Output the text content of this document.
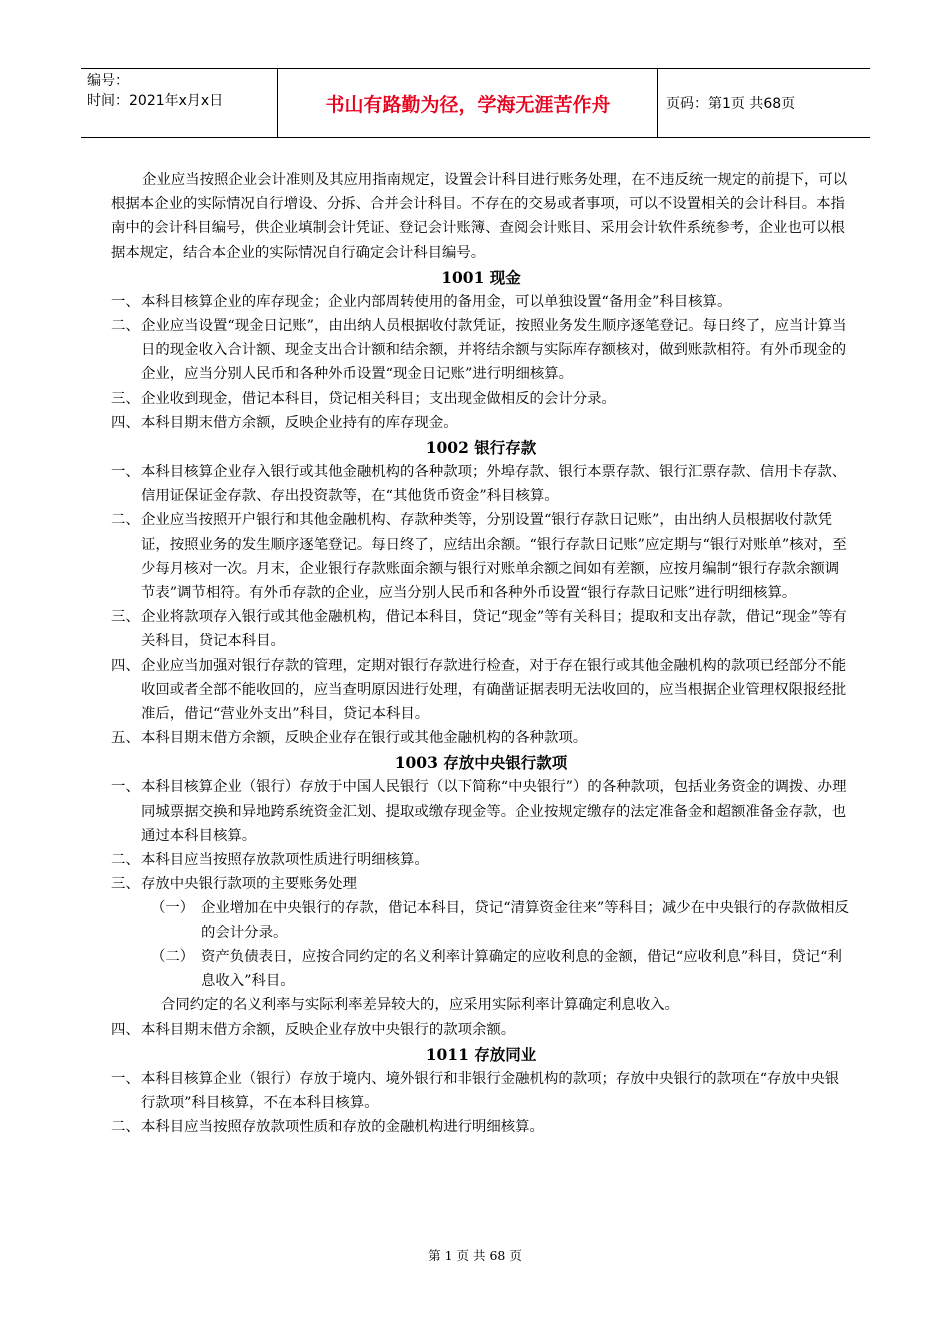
编号：
时间：2021年x月x日	书山有路勤为径，学海无涯苦作舟	页码：第1页 共68页

企业应当按照企业会计准则及其应用指南规定，设置会计科目进行账务处理，在不违反统一规定的前提下，可以根据本企业的实际情况自行增设、分拆、合并会计科目。不存在的交易或者事项，可以不设置相关的会计科目。本指南中的会计科目编号，供企业填制会计凭证、登记会计账簿、查阅会计账目、采用会计软件系统参考，企业也可以根据本规定，结合本企业的实际情况自行确定会计科目编号。

1001 现金

一、 本科目核算企业的库存现金；企业内部周转使用的备用金，可以单独设置“备用金”科目核算。
二、 企业应当设置“现金日记账”，由出纳人员根据收付款凭证，按照业务发生顺序逐笔登记。每日终了，应当计算当日的现金收入合计额、现金支出合计额和结余额，并将结余额与实际库存额核对，做到账款相符。有外币现金的企业，应当分别人民币和各种外币设置“现金日记账”进行明细核算。
三、 企业收到现金，借记本科目，贷记相关科目；支出现金做相反的会计分录。
四、 本科目期末借方余额，反映企业持有的库存现金。

1002 银行存款

一、 本科目核算企业存入银行或其他金融机构的各种款项；外埠存款、银行本票存款、银行汇票存款、信用卡存款、信用证保证金存款、存出投资款等，在“其他货币资金”科目核算。
二、 企业应当按照开户银行和其他金融机构、存款种类等，分别设置“银行存款日记账”，由出纳人员根据收付款凭证，按照业务的发生顺序逐笔登记。每日终了，应结出余额。“银行存款日记账”应定期与“银行对账单”核对，至少每月核对一次。月末，企业银行存款账面余额与银行对账单余额之间如有差额，应按月编制“银行存款余额调节表”调节相符。有外币存款的企业，应当分别人民币和各种外币设置“银行存款日记账”进行明细核算。
三、 企业将款项存入银行或其他金融机构，借记本科目，贷记“现金”等有关科目；提取和支出存款，借记“现金”等有关科目，贷记本科目。
四、 企业应当加强对银行存款的管理，定期对银行存款进行检查，对于存在银行或其他金融机构的款项已经部分不能收回或者全部不能收回的，应当查明原因进行处理，有确凿证据表明无法收回的，应当根据企业管理权限报经批准后，借记“营业外支出”科目，贷记本科目。
五、 本科目期末借方余额，反映企业存在银行或其他金融机构的各种款项。

1003 存放中央银行款项

一、 本科目核算企业（银行）存放于中国人民银行（以下简称“中央银行”）的各种款项，包括业务资金的调拨、办理同城票据交换和异地跨系统资金汇划、提取或缴存现金等。企业按规定缴存的法定准备金和超额准备金存款，也通过本科目核算。
二、 本科目应当按照存放款项性质进行明细核算。
三、 存放中央银行款项的主要账务处理
（一） 企业增加在中央银行的存款，借记本科目，贷记“清算资金往来”等科目；减少在中央银行的存款做相反的会计分录。
（二） 资产负债表日，应按合同约定的名义利率计算确定的应收利息的金额，借记“应收利息”科目，贷记“利息收入”科目。

合同约定的名义利率与实际利率差异较大的，应采用实际利率计算确定利息收入。

四、 本科目期末借方余额，反映企业存放中央银行的款项余额。

1011 存放同业

一、 本科目核算企业（银行）存放于境内、境外银行和非银行金融机构的款项；存放中央银行的款项在“存放中央银行款项”科目核算，不在本科目核算。
二、 本科目应当按照存放款项性质和存放的金融机构进行明细核算。
第 1 页 共 68 页
